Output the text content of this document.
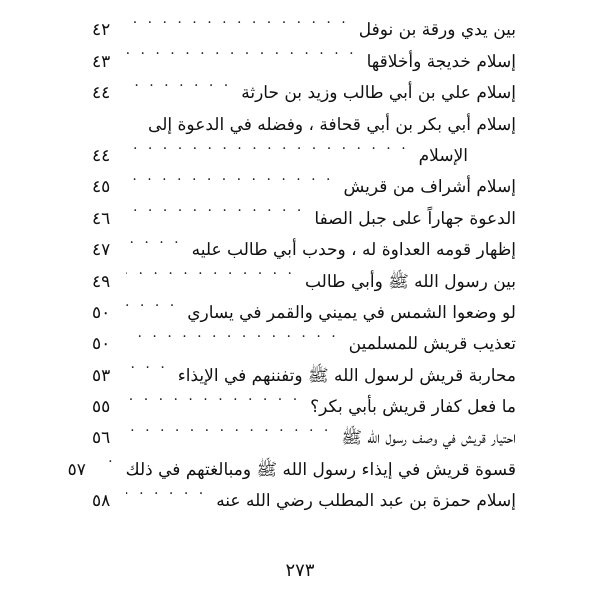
بين يدي ورقة بن نوفل
. . .
٤٢
إسلام خديجة وأخلاقها
. . .
٤٣
إسلام علي بن أبي طالب وزيد بن حارثة
. . .
٤٤
إسلام أبي بكر بن أبي قحافة ، وفضله في الدعوة إلى
الإسلام
. . .
٤٤
إسلام أشراف من قريش
. . .
٤٥
الدعوة جهاراً على جبل الصفا
. . .
٤٦
إظهار قومه العداوة له ، وحدب أبي طالب عليه
. . .
٤٧
بين رسول الله ﷺ وأبي طالب
. . .
٤٩
لو وضعوا الشمس في يميني والقمر في يساري
. . .
٥٠
تعذيب قريش للمسلمين
. . .
٥٠
محاربة قريش لرسول الله ﷺ وتفننهم في الإيذاء
. . .
٥٣
ما فعل كفار قريش بأبي بكر؟
. . .
٥٥
احتيار قريش في وصف رسول الله ﷺ
. . .
٥٦
قسوة قريش في إيذاء رسول الله ﷺ ومبالغتهم في ذلك
. . .
٥٧
إسلام حمزة بن عبد المطلب رضي الله عنه
. . .
٥٨
٢٧٣
